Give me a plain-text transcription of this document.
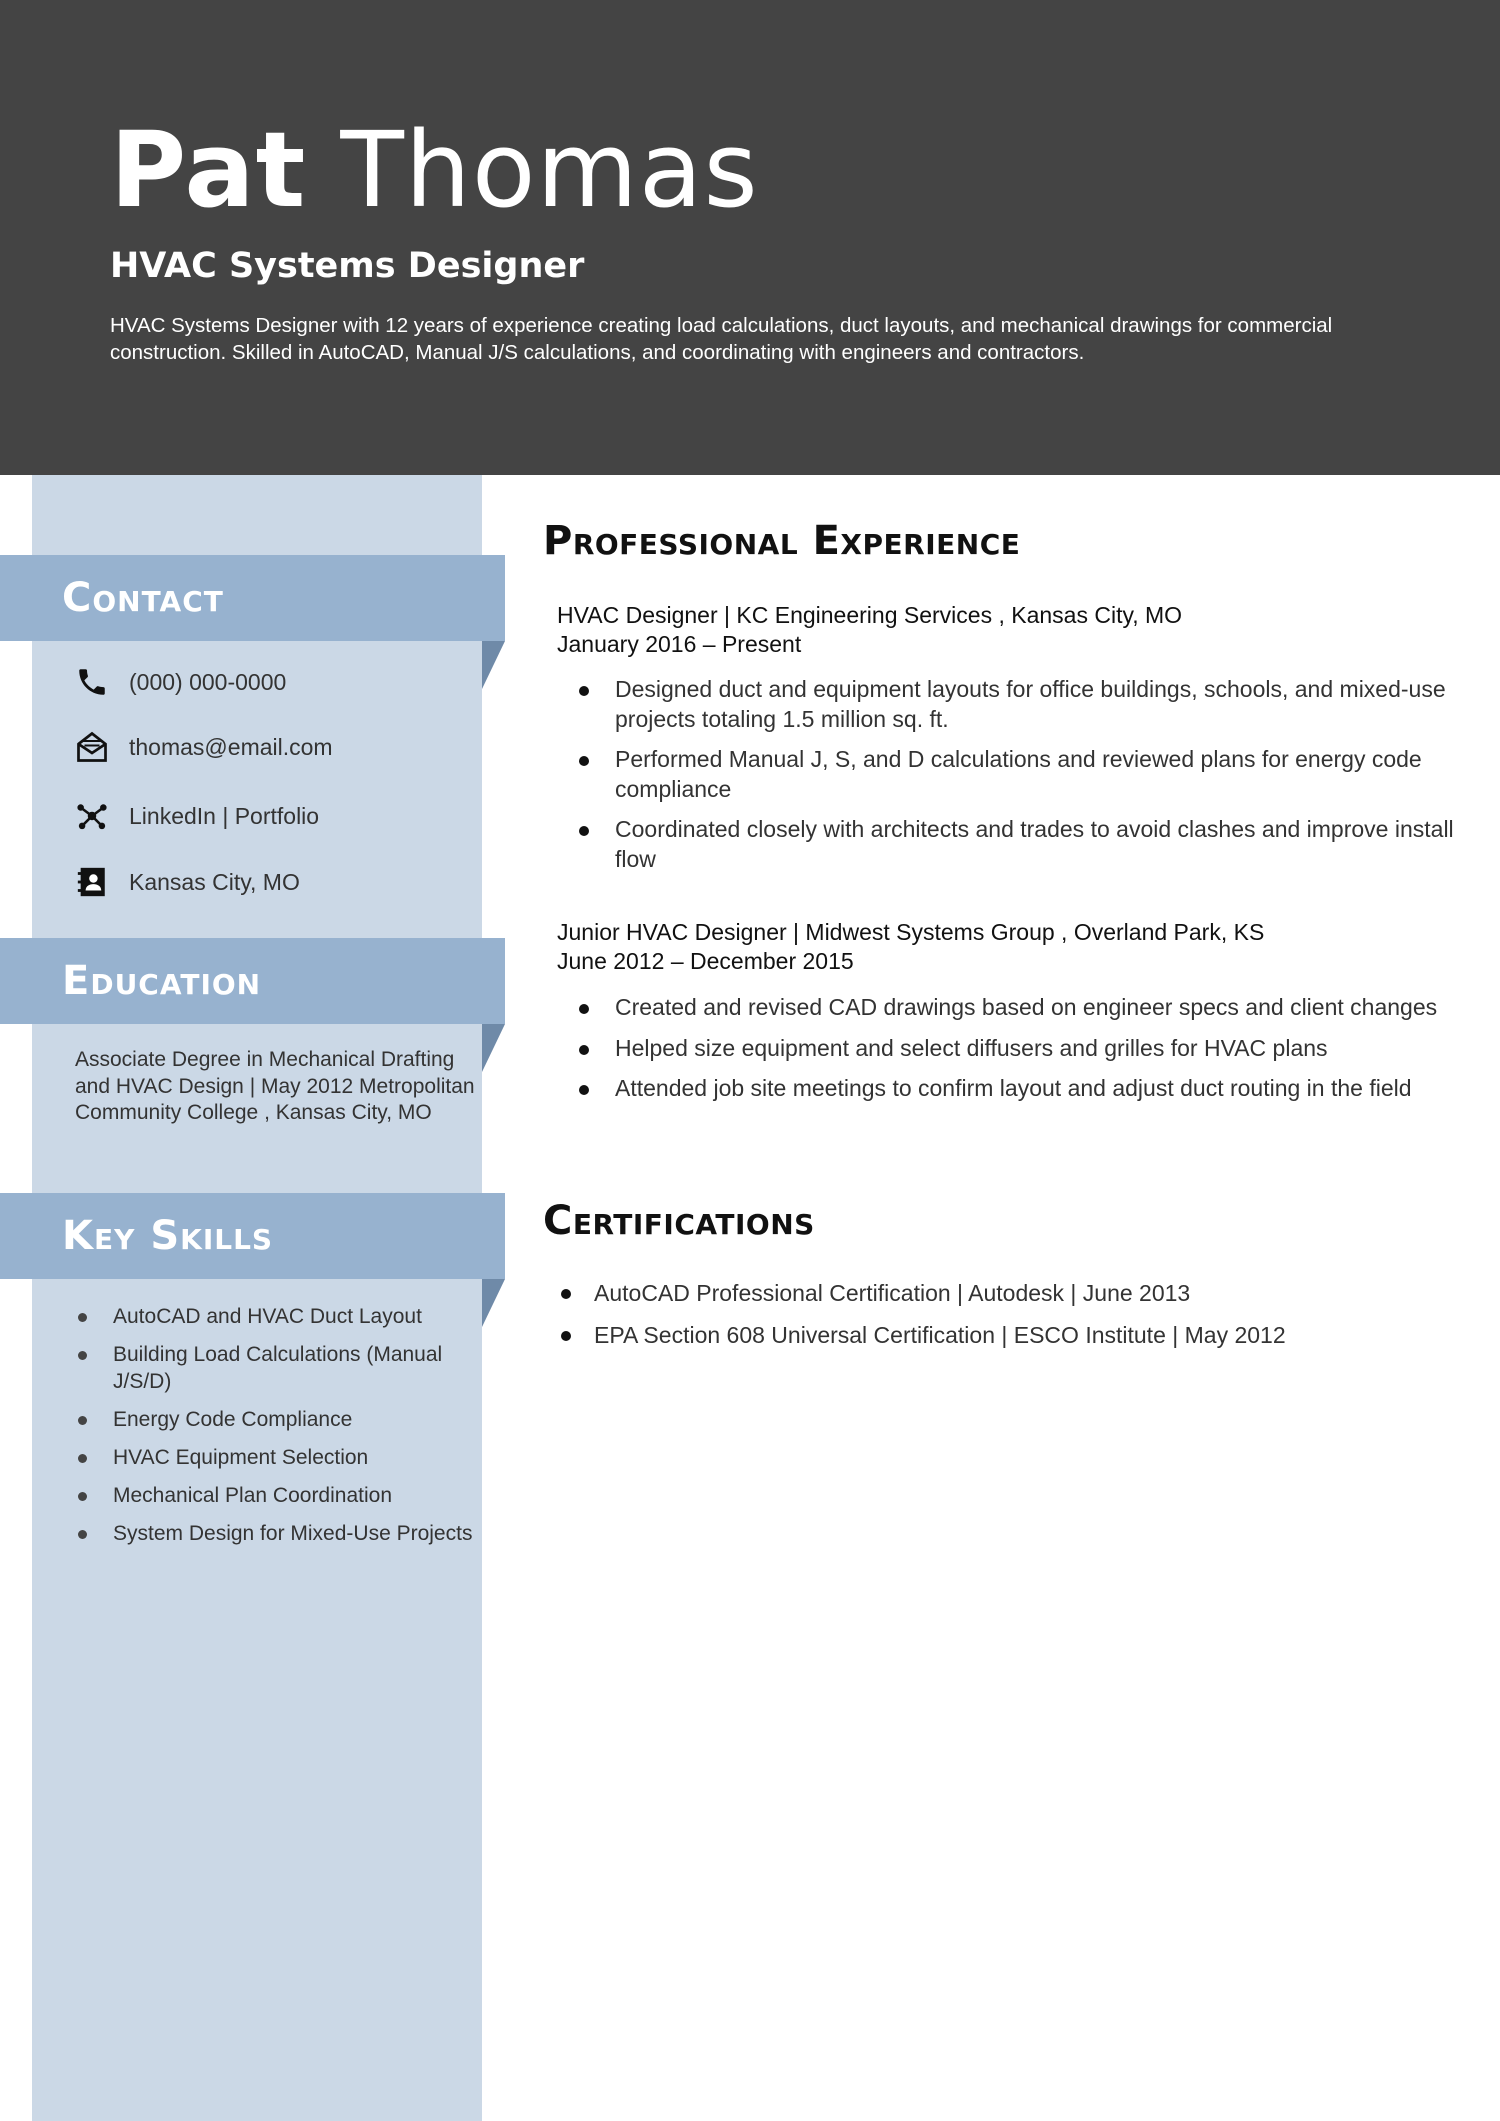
Pat Thomas
HVAC Systems Designer
HVAC Systems Designer with 12 years of experience creating load calculations, duct layouts, and mechanical drawings for commercial construction. Skilled in AutoCAD, Manual J/S calculations, and coordinating with engineers and contractors.
Contact
(000) 000-0000
thomas@email.com
LinkedIn | Portfolio
Kansas City, MO
Education
Associate Degree in Mechanical Drafting and HVAC Design | May 2012 Metropolitan Community College , Kansas City, MO
Key Skills
AutoCAD and HVAC Duct Layout
Building Load Calculations (Manual J/S/D)
Energy Code Compliance
HVAC Equipment Selection
Mechanical Plan Coordination
System Design for Mixed-Use Projects
Professional Experience
HVAC Designer | KC Engineering Services , Kansas City, MO
January 2016 – Present
Designed duct and equipment layouts for office buildings, schools, and mixed-use projects totaling 1.5 million sq. ft.
Performed Manual J, S, and D calculations and reviewed plans for energy code compliance
Coordinated closely with architects and trades to avoid clashes and improve install flow
Junior HVAC Designer | Midwest Systems Group , Overland Park, KS
June 2012 – December 2015
Created and revised CAD drawings based on engineer specs and client changes
Helped size equipment and select diffusers and grilles for HVAC plans
Attended job site meetings to confirm layout and adjust duct routing in the field
Certifications
AutoCAD Professional Certification | Autodesk | June 2013
EPA Section 608 Universal Certification | ESCO Institute | May 2012
